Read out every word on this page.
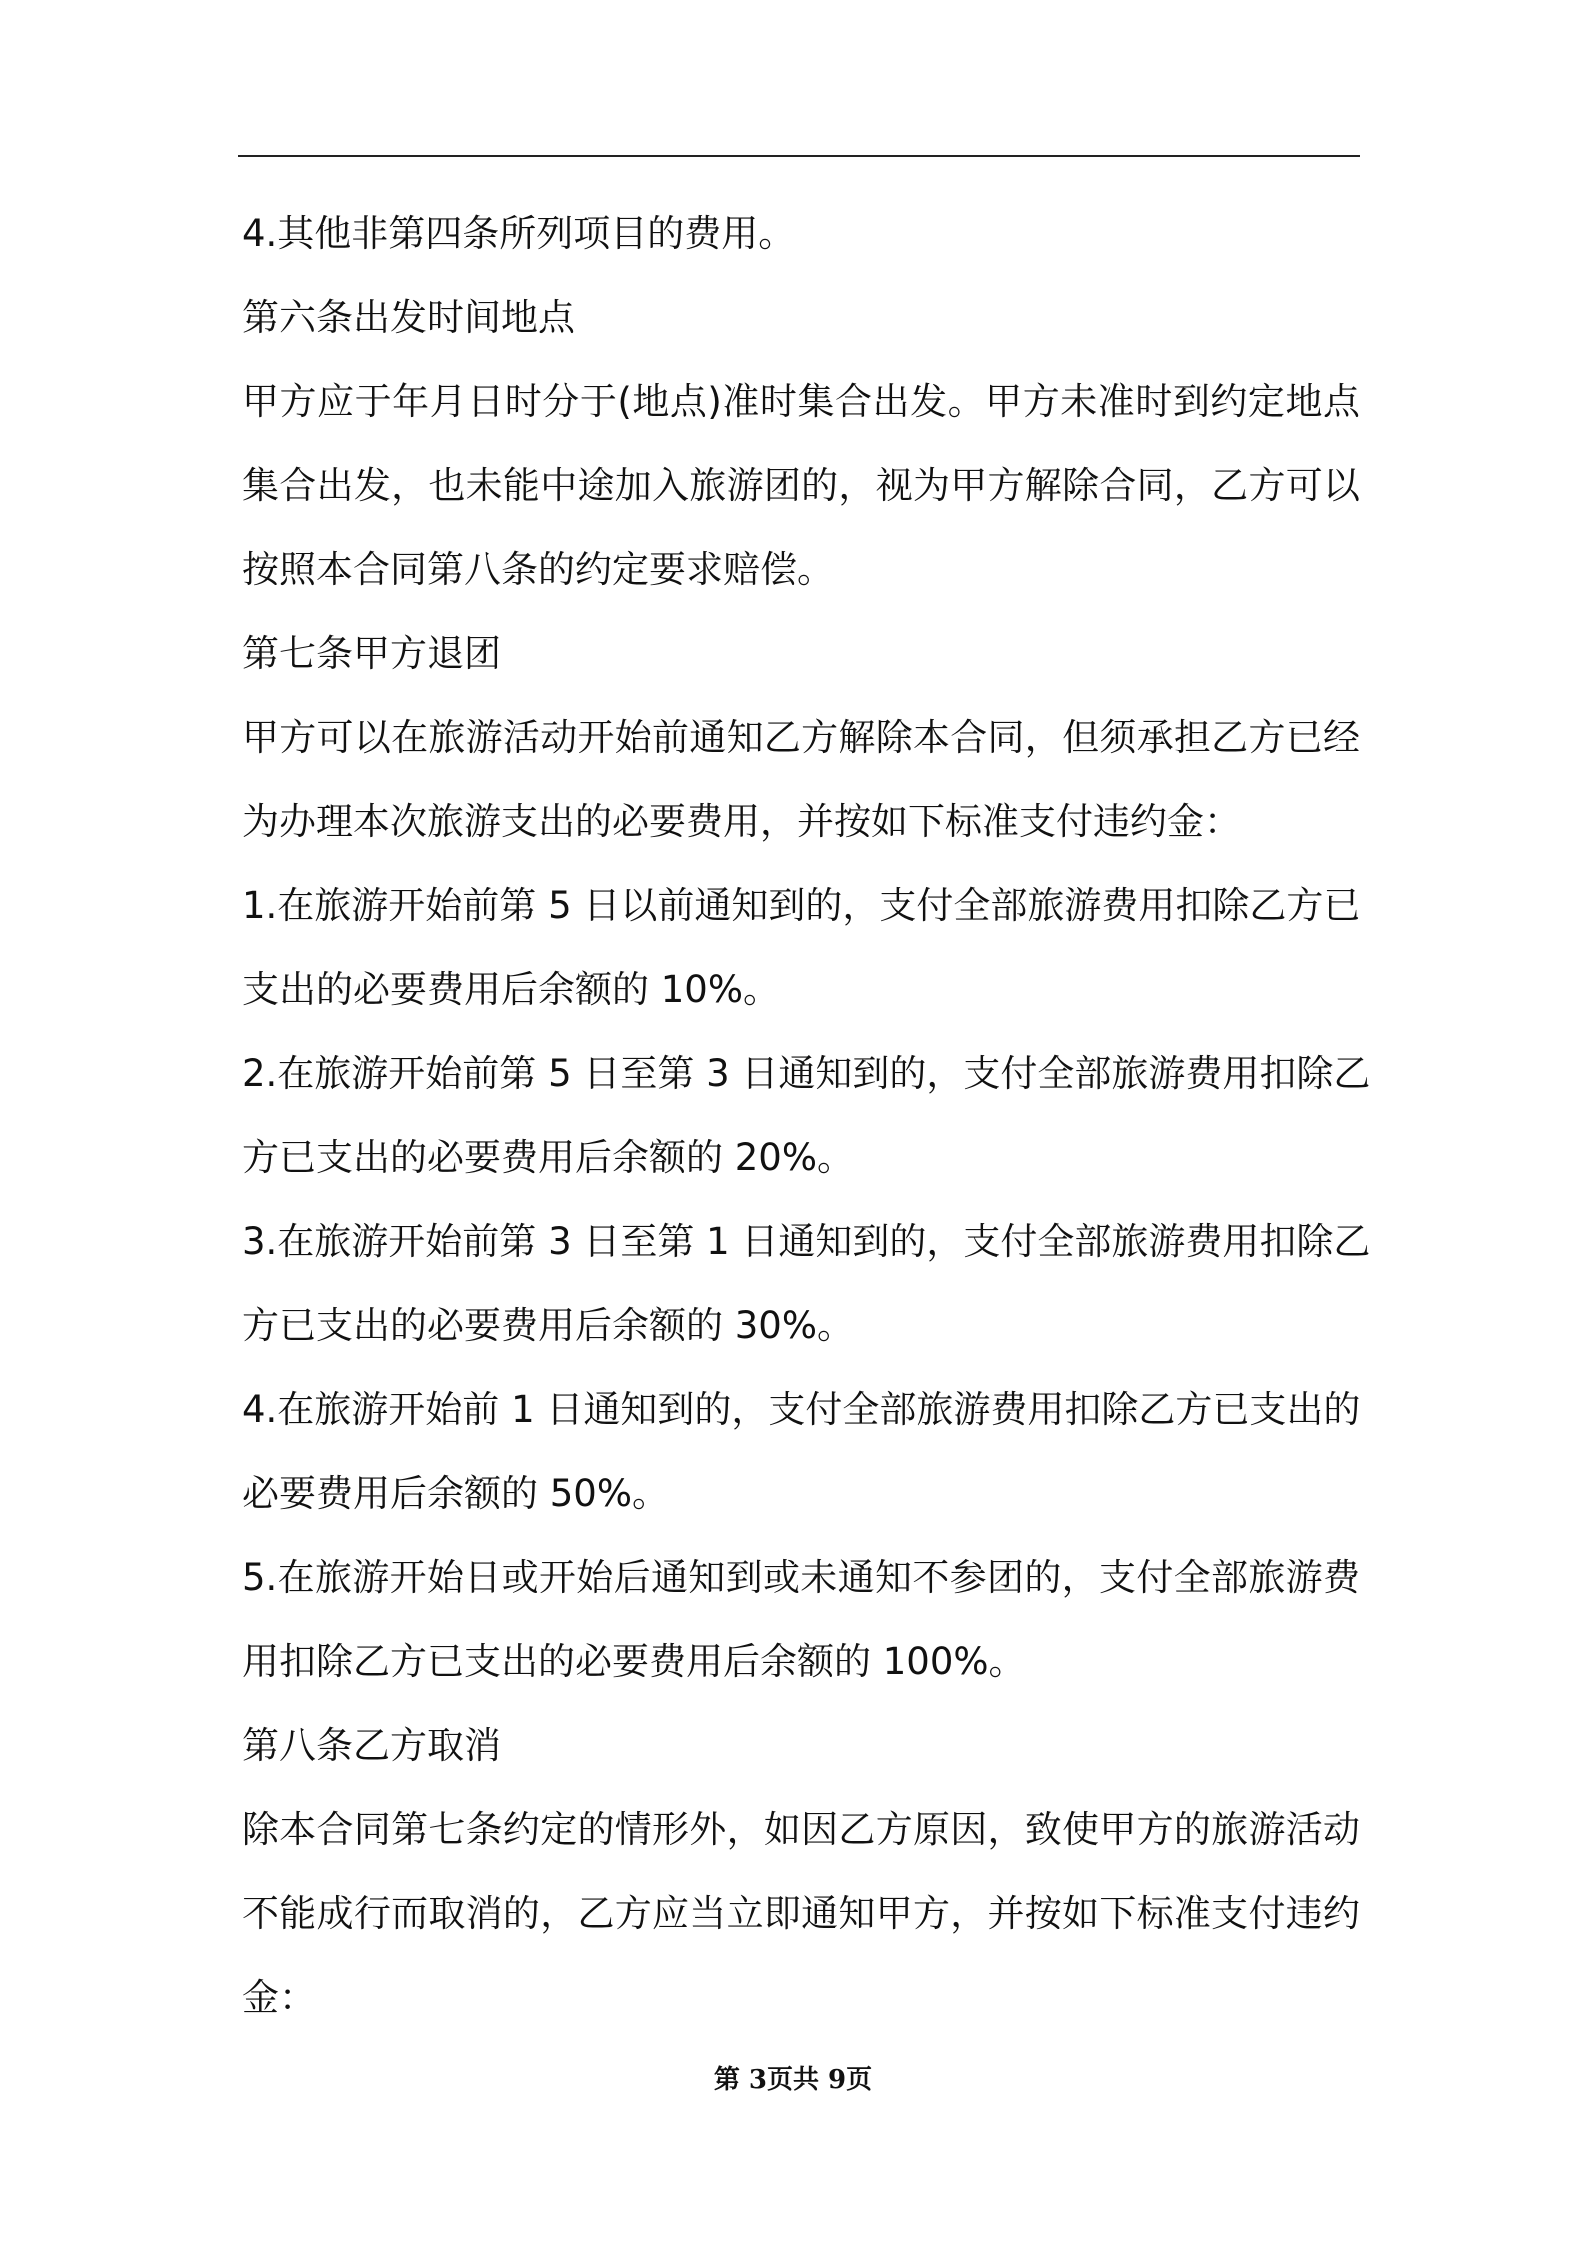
4.其他非第四条所列项目的费用。
第六条出发时间地点
甲方应于年月日时分于(地点)准时集合出发。甲方未准时到约定地点
集合出发，也未能中途加入旅游团的，视为甲方解除合同，乙方可以
按照本合同第八条的约定要求赔偿。
第七条甲方退团
甲方可以在旅游活动开始前通知乙方解除本合同，但须承担乙方已经
为办理本次旅游支出的必要费用，并按如下标准支付违约金：
1.在旅游开始前第 5 日以前通知到的，支付全部旅游费用扣除乙方已
支出的必要费用后余额的 10%。
2.在旅游开始前第 5 日至第 3 日通知到的，支付全部旅游费用扣除乙
方已支出的必要费用后余额的 20%。
3.在旅游开始前第 3 日至第 1 日通知到的，支付全部旅游费用扣除乙
方已支出的必要费用后余额的 30%。
4.在旅游开始前 1 日通知到的，支付全部旅游费用扣除乙方已支出的
必要费用后余额的 50%。
5.在旅游开始日或开始后通知到或未通知不参团的，支付全部旅游费
用扣除乙方已支出的必要费用后余额的 100%。
第八条乙方取消
除本合同第七条约定的情形外，如因乙方原因，致使甲方的旅游活动
不能成行而取消的，乙方应当立即通知甲方，并按如下标准支付违约
金：
第 3页共 9页
